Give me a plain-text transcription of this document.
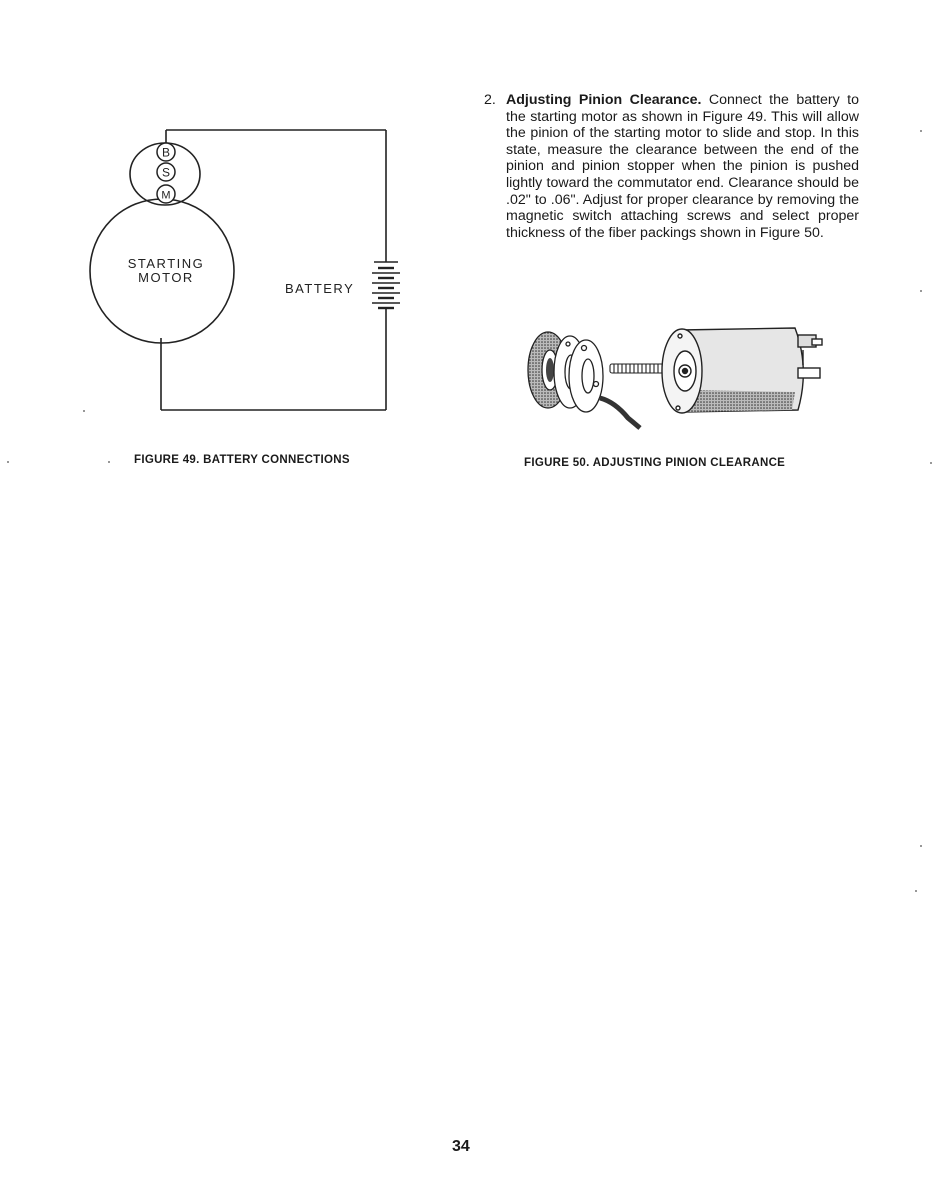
B
S
M
STARTING
MOTOR
BATTERY
FIGURE 49. BATTERY CONNECTIONS
2. Adjusting Pinion Clearance. Connect the battery to the starting motor as shown in Figure 49. This will allow the pinion of the starting motor to slide and stop. In this state, measure the clearance between the end of the pinion and pinion stopper when the pinion is pushed lightly toward the commutator end. Clearance should be .02" to .06". Adjust for proper clearance by removing the magnetic switch attaching screws and select proper thickness of the fiber packings shown in Figure 50.
FIGURE 50. ADJUSTING PINION CLEARANCE
34
